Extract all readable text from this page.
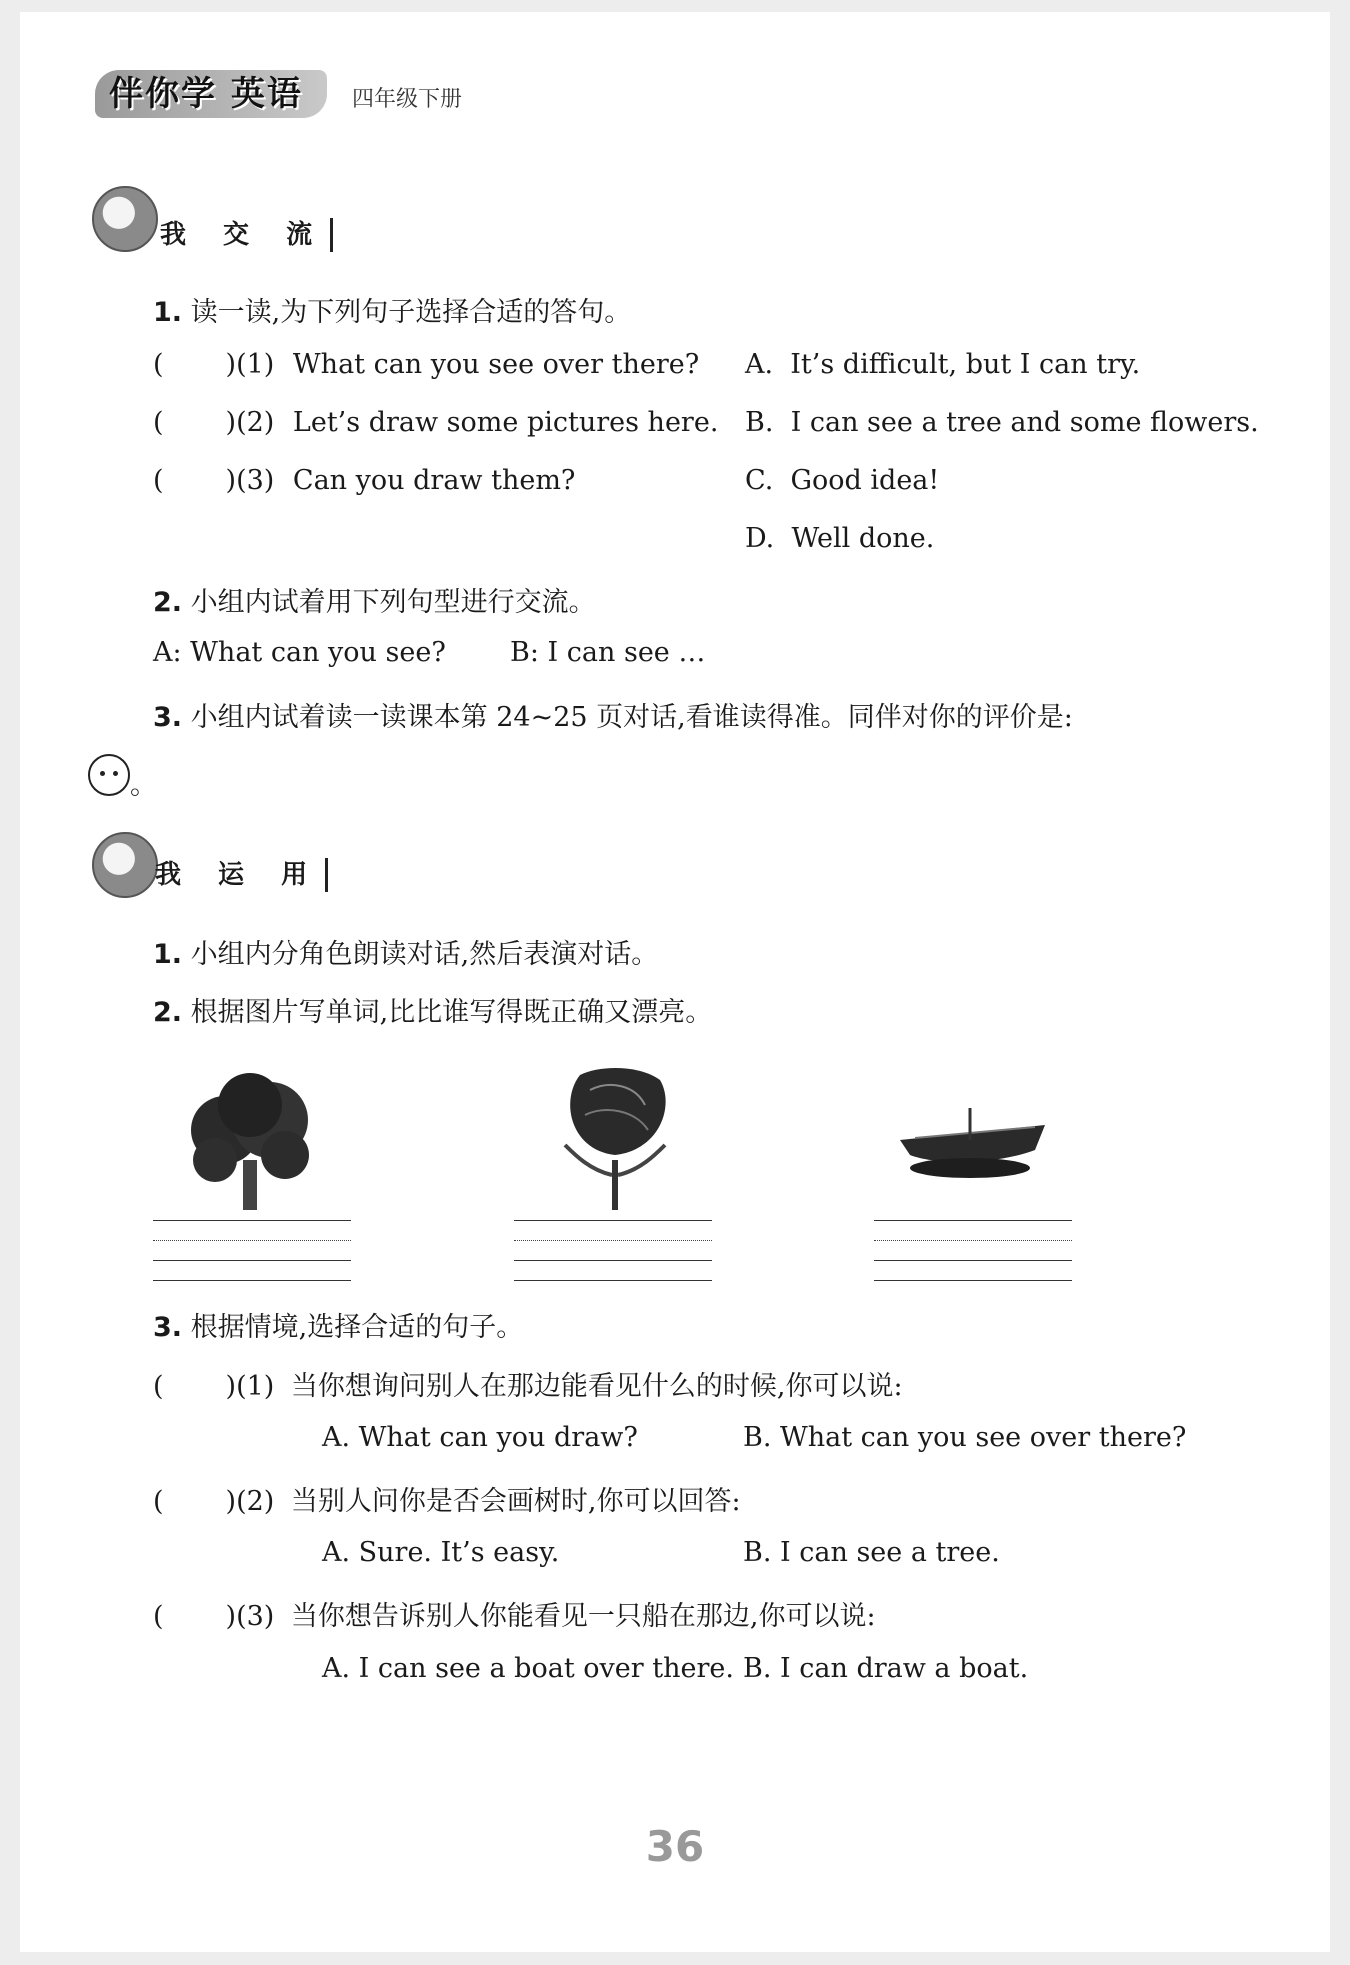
伴你学 英语	四年级下册
我 交 流
1. 读一读,为下列句子选择合适的答句。
( )(1) What can you see over there?
( )(2) Let’s draw some pictures here.
( )(3) Can you draw them?
A. It’s difficult, but I can try.
B. I can see a tree and some flowers.
C. Good idea!
D. Well done.
2. 小组内试着用下列句型进行交流。
A: What can you see? B: I can see …
3. 小组内试着读一读课本第 24~25 页对话,看谁读得准。同伴对你的评价是:
。
我 运 用
1. 小组内分角色朗读对话,然后表演对话。
2. 根据图片写单词,比比谁写得既正确又漂亮。
3. 根据情境,选择合适的句子。
( )(1) 当你想询问别人在那边能看见什么的时候,你可以说:
A. What can you draw?	B. What can you see over there?
( )(2) 当别人问你是否会画树时,你可以回答:
A. Sure. It’s easy.	B. I can see a tree.
( )(3) 当你想告诉别人你能看见一只船在那边,你可以说:
A. I can see a boat over there. B. I can draw a boat.
36
